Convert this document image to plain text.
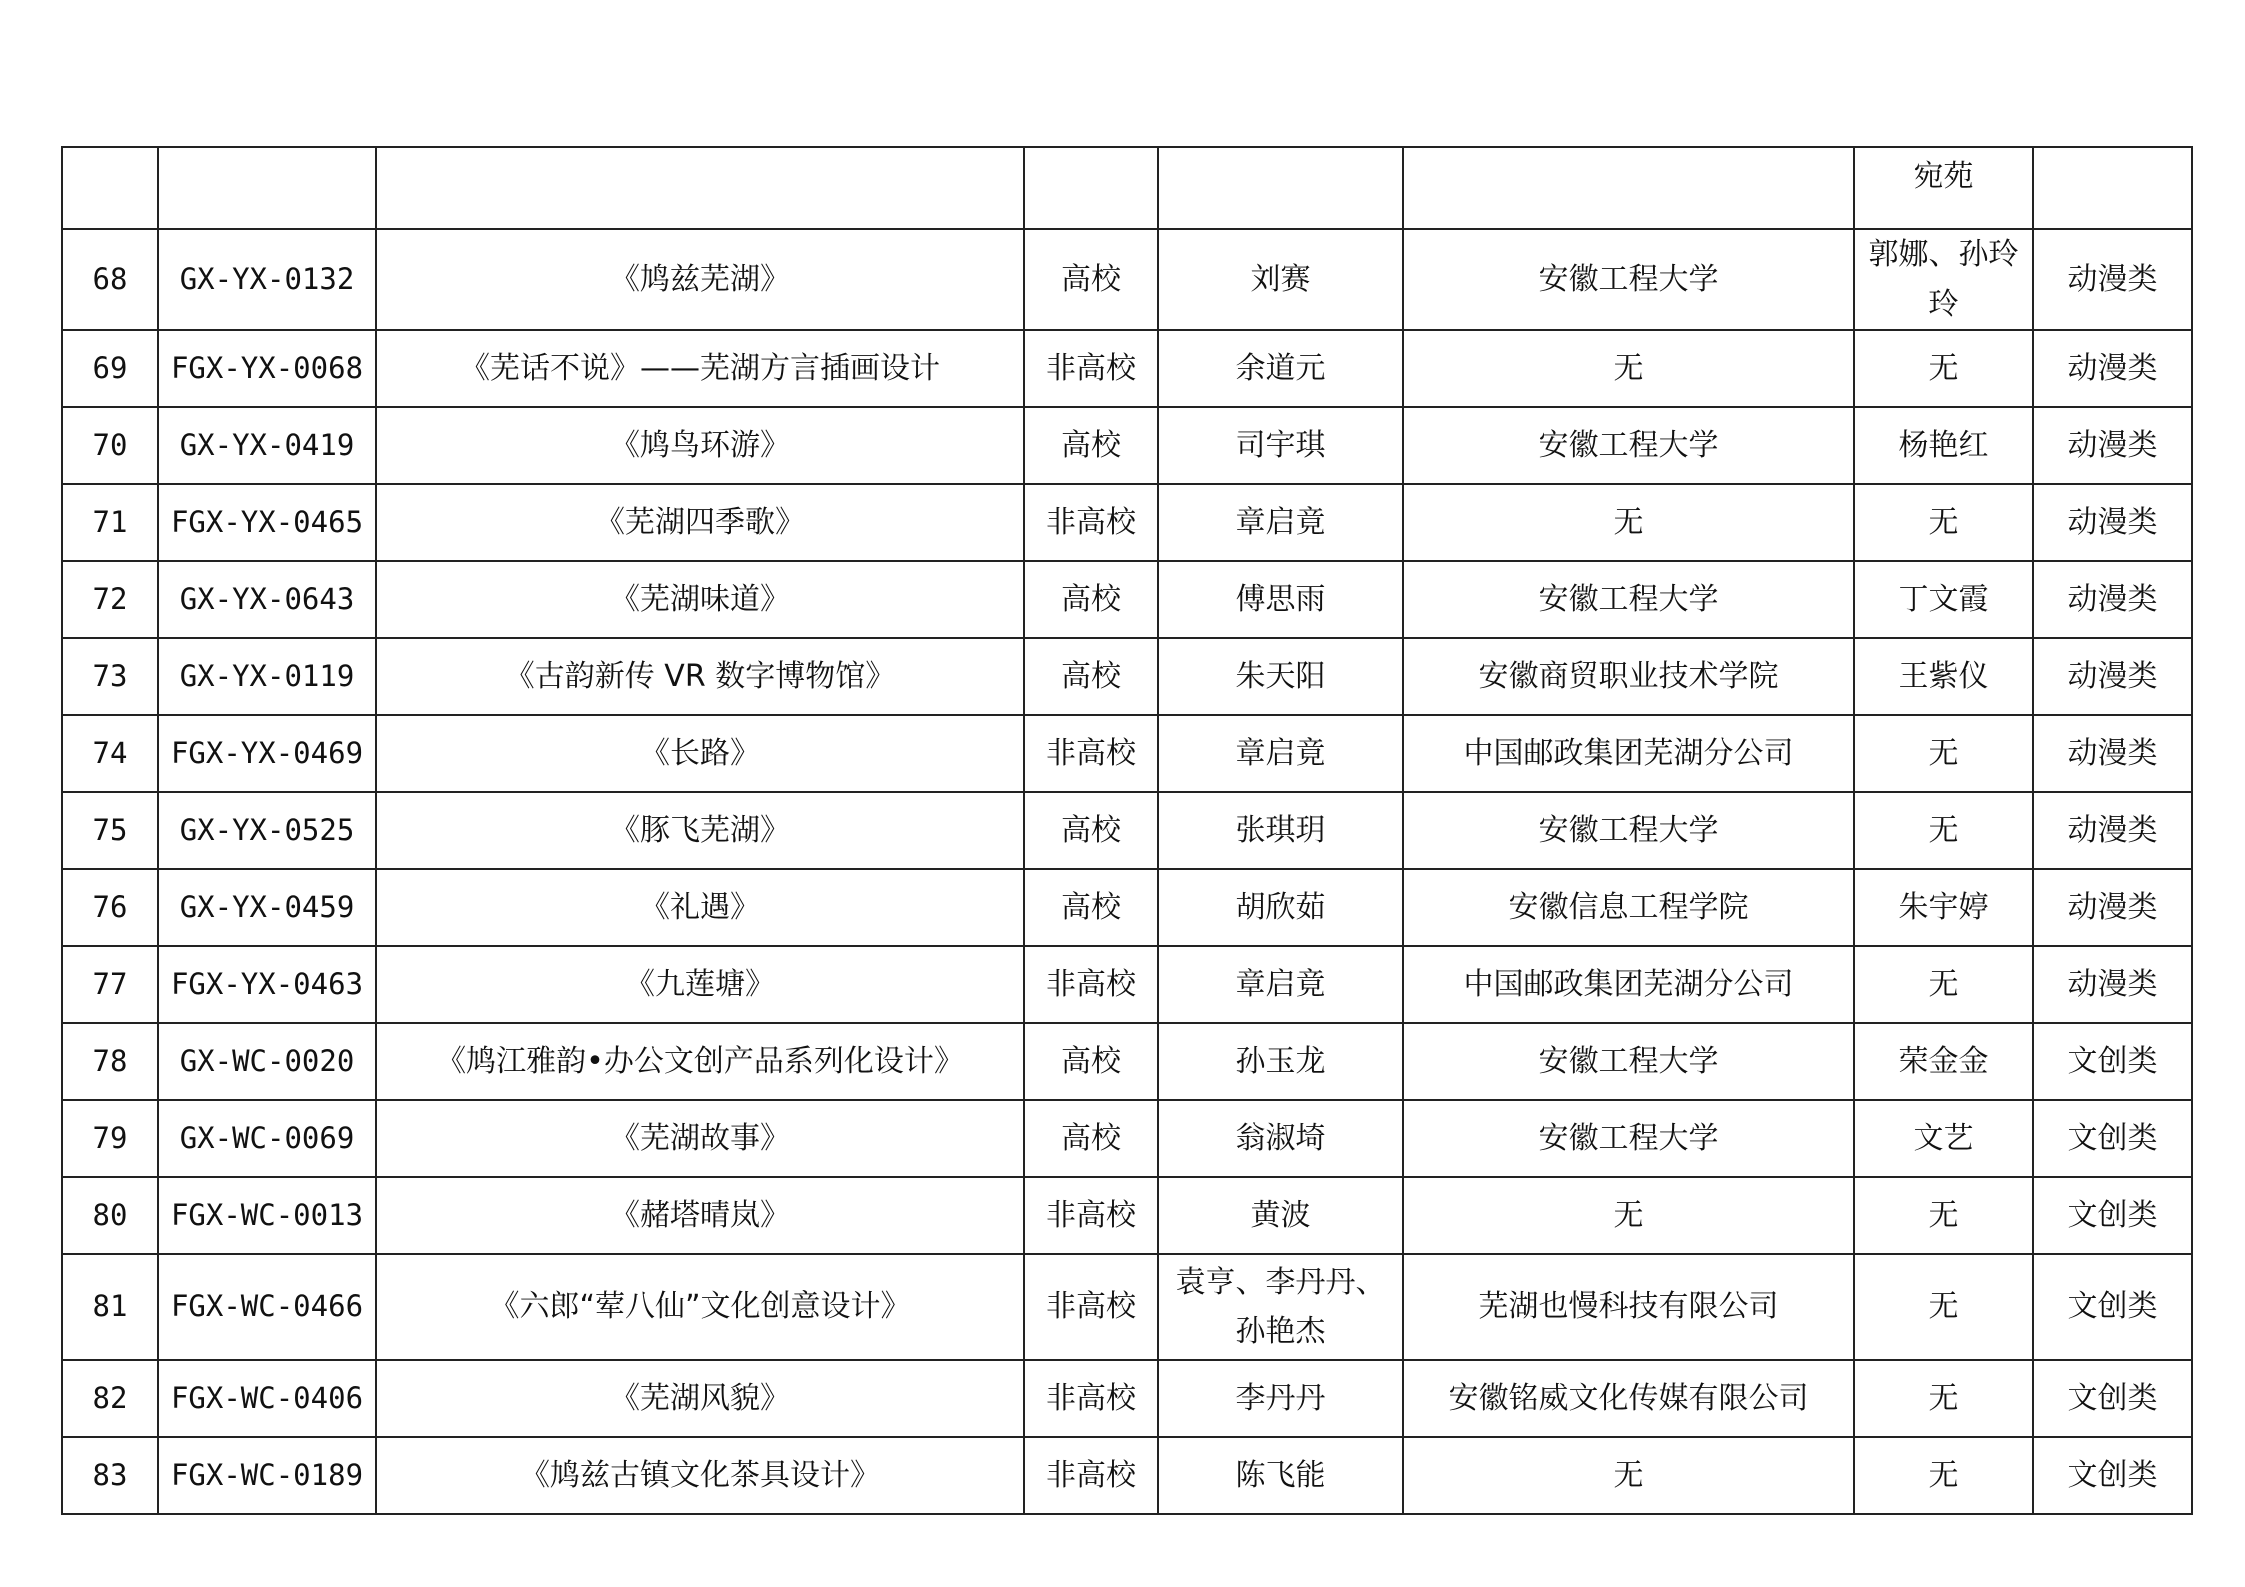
						宛苑	
68	GX-YX-0132	《鸠兹芜湖》	高校	刘赛	安徽工程大学	郭娜、孙玲玲	动漫类
69	FGX-YX-0068	《芜话不说》——芜湖方言插画设计	非高校	余道元	无	无	动漫类
70	GX-YX-0419	《鸠鸟环游》	高校	司宇琪	安徽工程大学	杨艳红	动漫类
71	FGX-YX-0465	《芜湖四季歌》	非高校	章启竟	无	无	动漫类
72	GX-YX-0643	《芜湖味道》	高校	傅思雨	安徽工程大学	丁文霞	动漫类
73	GX-YX-0119	《古韵新传 VR 数字博物馆》	高校	朱天阳	安徽商贸职业技术学院	王紫仪	动漫类
74	FGX-YX-0469	《长路》	非高校	章启竟	中国邮政集团芜湖分公司	无	动漫类
75	GX-YX-0525	《豚飞芜湖》	高校	张琪玥	安徽工程大学	无	动漫类
76	GX-YX-0459	《礼遇》	高校	胡欣茹	安徽信息工程学院	朱宇婷	动漫类
77	FGX-YX-0463	《九莲塘》	非高校	章启竟	中国邮政集团芜湖分公司	无	动漫类
78	GX-WC-0020	《鸠江雅韵•办公文创产品系列化设计》	高校	孙玉龙	安徽工程大学	荣金金	文创类
79	GX-WC-0069	《芜湖故事》	高校	翁淑埼	安徽工程大学	文艺	文创类
80	FGX-WC-0013	《赭塔晴岚》	非高校	黄波	无	无	文创类
81	FGX-WC-0466	《六郎“荤八仙”文化创意设计》	非高校	袁亨、李丹丹、孙艳杰	芜湖也慢科技有限公司	无	文创类
82	FGX-WC-0406	《芜湖风貌》	非高校	李丹丹	安徽铭威文化传媒有限公司	无	文创类
83	FGX-WC-0189	《鸠兹古镇文化茶具设计》	非高校	陈飞能	无	无	文创类
